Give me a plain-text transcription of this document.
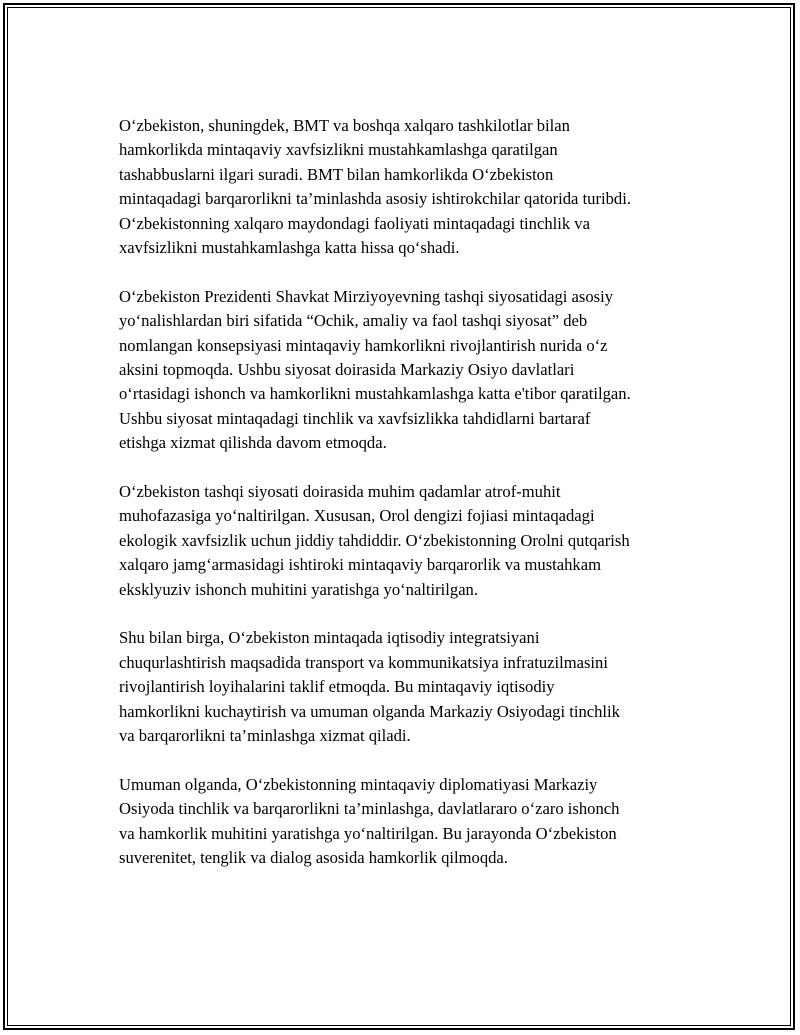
O‘zbekiston, shuningdek, BMT va boshqa xalqaro tashkilotlar bilan
hamkorlikda mintaqaviy xavfsizlikni mustahkamlashga qaratilgan
tashabbuslarni ilgari suradi. BMT bilan hamkorlikda O‘zbekiston
mintaqadagi barqarorlikni ta’minlashda asosiy ishtirokchilar qatorida turibdi.
O‘zbekistonning xalqaro maydondagi faoliyati mintaqadagi tinchlik va
xavfsizlikni mustahkamlashga katta hissa qo‘shadi.

O‘zbekiston Prezidenti Shavkat Mirziyoyevning tashqi siyosatidagi asosiy
yo‘nalishlardan biri sifatida “Ochik, amaliy va faol tashqi siyosat” deb
nomlangan konsepsiyasi mintaqaviy hamkorlikni rivojlantirish nurida o‘z
aksini topmoqda. Ushbu siyosat doirasida Markaziy Osiyo davlatlari
o‘rtasidagi ishonch va hamkorlikni mustahkamlashga katta e'tibor qaratilgan.
Ushbu siyosat mintaqadagi tinchlik va xavfsizlikka tahdidlarni bartaraf
etishga xizmat qilishda davom etmoqda.

O‘zbekiston tashqi siyosati doirasida muhim qadamlar atrof-muhit
muhofazasiga yo‘naltirilgan. Xususan, Orol dengizi fojiasi mintaqadagi
ekologik xavfsizlik uchun jiddiy tahdiddir. O‘zbekistonning Orolni qutqarish
xalqaro jamg‘armasidagi ishtiroki mintaqaviy barqarorlik va mustahkam
eksklyuziv ishonch muhitini yaratishga yo‘naltirilgan.

Shu bilan birga, O‘zbekiston mintaqada iqtisodiy integratsiyani
chuqurlashtirish maqsadida transport va kommunikatsiya infratuzilmasini
rivojlantirish loyihalarini taklif etmoqda. Bu mintaqaviy iqtisodiy
hamkorlikni kuchaytirish va umuman olganda Markaziy Osiyodagi tinchlik
va barqarorlikni ta’minlashga xizmat qiladi.

Umuman olganda, O‘zbekistonning mintaqaviy diplomatiyasi Markaziy
Osiyoda tinchlik va barqarorlikni ta’minlashga, davlatlararo o‘zaro ishonch
va hamkorlik muhitini yaratishga yo‘naltirilgan. Bu jarayonda O‘zbekiston
suverenitet, tenglik va dialog asosida hamkorlik qilmoqda.
